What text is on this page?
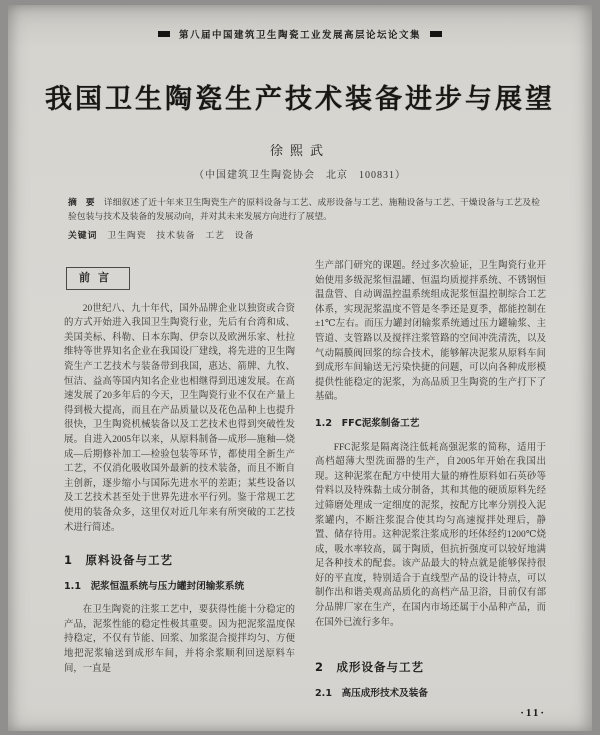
第八届中国建筑卫生陶瓷工业发展高层论坛论文集
我国卫生陶瓷生产技术装备进步与展望
徐熙武
（中国建筑卫生陶瓷协会　北京　100831）
摘　要 详细叙述了近十年来卫生陶瓷生产的原料设备与工艺、成形设备与工艺、施釉设备与工艺、干燥设备与工艺及检验包装与技术及装备的发展动向，并对其未来发展方向进行了展望。
关键词 卫生陶瓷　技术装备　工艺　设备
前言

20世纪八、九十年代，国外品牌企业以独资或合资的方式开始进入我国卫生陶瓷行业，先后有台湾和成、美国美标、科勒、日本东陶、伊奈以及欧洲乐家、杜拉维特等世界知名企业在我国设厂建线，将先进的卫生陶瓷生产工艺技术与装备带到我国，惠达、箭牌、九牧、恒洁、益高等国内知名企业也相继得到迅速发展。在高速发展了20多年后的今天，卫生陶瓷行业不仅在产量上得到极大提高，而且在产品质量以及花色品种上也提升很快，卫生陶瓷机械装备以及工艺技术也得到突破性发展。自进入2005年以来，从原料制备—成形—施釉—烧成—后期修补加工—检验包装等环节，都使用全新生产工艺，不仅消化吸收国外最新的技术装备，而且不断自主创新，逐步缩小与国际先进水平的差距；某些设备以及工艺技术甚至处于世界先进水平行列。鉴于常规工艺使用的装备众多，这里仅对近几年来有所突破的工艺技术进行简述。

1　原料设备与工艺
1.1　泥浆恒温系统与压力罐封闭输浆系统

在卫生陶瓷的注浆工艺中，要获得性能十分稳定的产品，泥浆性能的稳定性极其重要。因为把泥浆温度保持稳定，不仅有节能、回浆、加浆混合搅拌均匀、方便地把泥浆输送到成形车间，并将余浆顺利回送原料车间，一直是

生产部门研究的课题。经过多次验证，卫生陶瓷行业开始使用多级泥浆恒温罐、恒温均质搅拌系统、不锈钢恒温盘管、自动调温控温系统组成泥浆恒温控制综合工艺体系，实现泥浆温度不管是冬季还是夏季，都能控制在±1℃左右。而压力罐封闭输浆系统通过压力罐输浆、主管道、支管路以及搅拌注浆管路的空间冲洗清洗，以及气动隔膜阀回浆的综合技术，能够解决泥浆从原料车间到成形车间输送无污染快捷的问题，可以向各种成形模提供性能稳定的泥浆，为高品质卫生陶瓷的生产打下了基础。

1.2　FFC泥浆制备工艺

FFC泥浆是隔离浇注低耗高强泥浆的简称，适用于高档超薄大型洗面器的生产，自2005年开始在我国出现。这种泥浆在配方中使用大量的瘠性原料如石英砂等骨料以及特殊黏土成分制备，其和其他的硬质原料先经过筛磨处理成一定细度的泥浆，按配方比率分别投入泥浆罐内，不断注浆混合使其均匀高速搅拌处理后，静置、储存待用。这种泥浆注浆成形的坯体经约1200℃烧成，吸水率较高，属于陶质，但抗折强度可以较好地满足各种技术的配套。该产品最大的特点就是能够保持很好的平直度，特别适合于直线型产品的设计特点，可以制作出和谐美观高品质化的高档产品卫浴，目前仅有部分品牌厂家在生产，在国内市场还属于小品种产品，而在国外已流行多年。

2　成形设备与工艺
2.1　高压成形技术及装备
·11·
